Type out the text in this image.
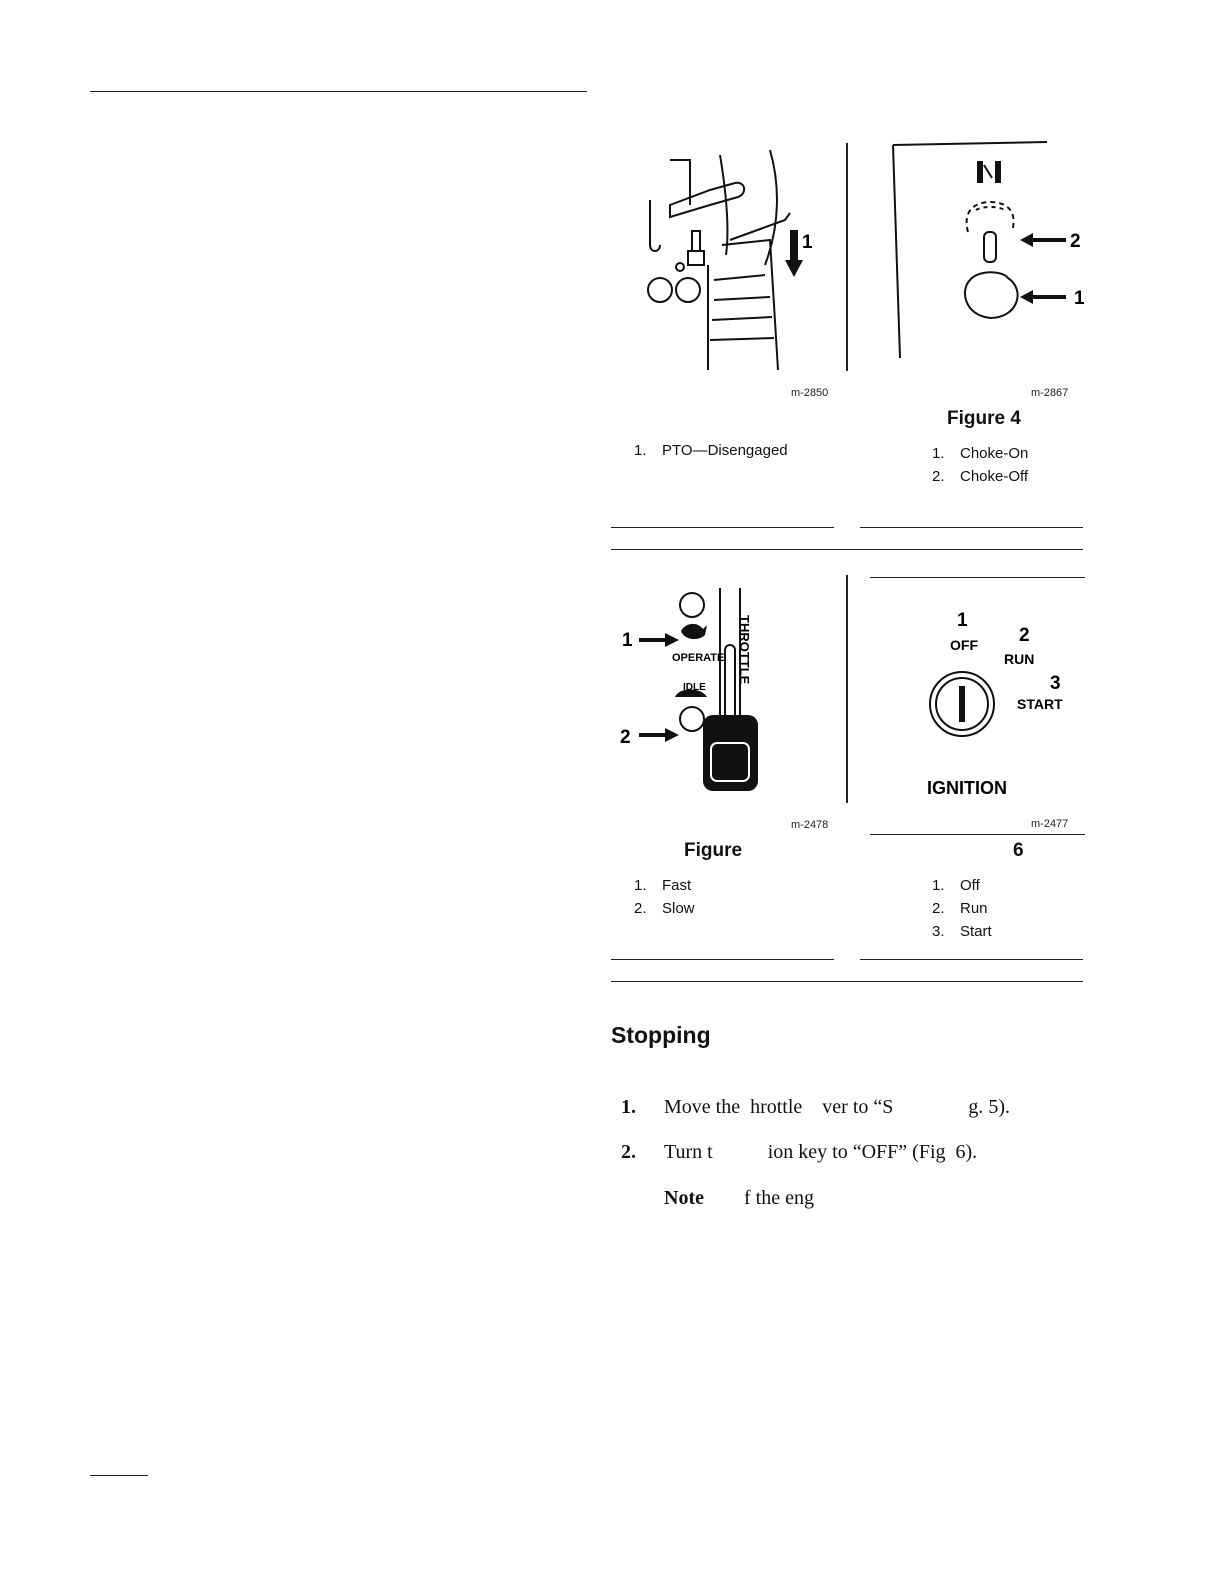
1
m-2850
2
1
m-2867
Figure 4
1. PTO—Disengaged	1. Choke-On
2. Choke-Off
OPERATE
IDLE
THROTTLE
1
2
m-2478
Figure
1
OFF 2
RUN
3
START
IGNITION
m-2477
6
1. Fast
2. Slow
1. Off
2. Run
3. Start
Stopping

1. Move the  hrottle    ver to “S               g. 5).

2. Turn t           ion key to “OFF” (Fig  6).

Note f the eng
